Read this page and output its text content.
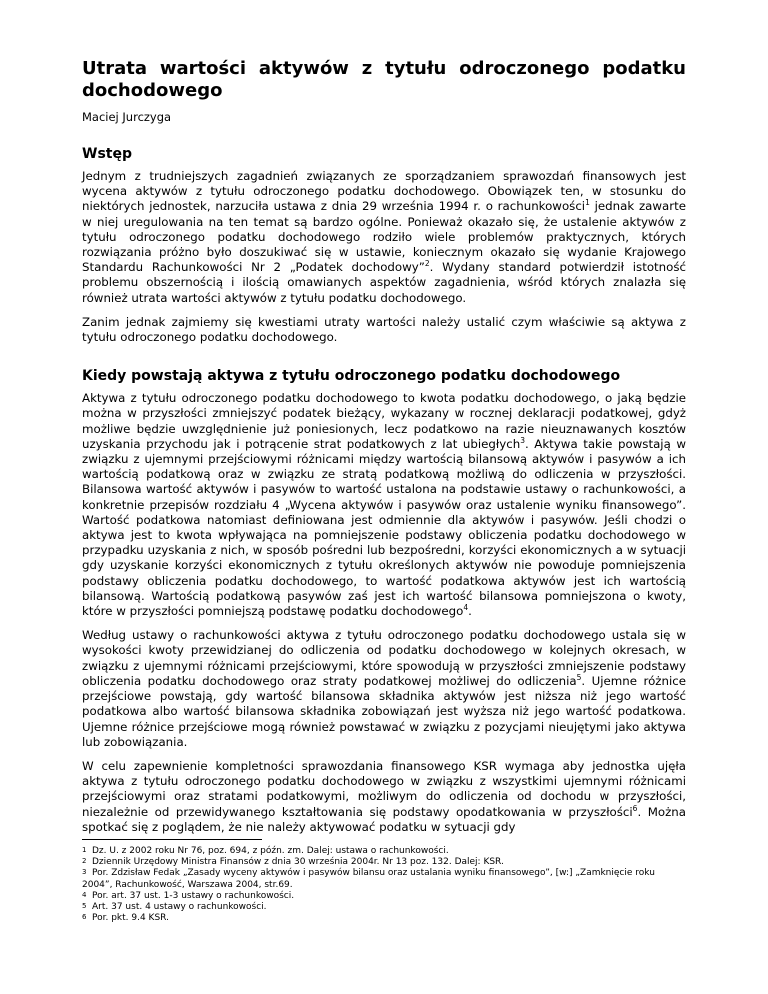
Utrata wartości aktywów z tytułu odroczonego podatku dochodowego
Maciej Jurczyga
Wstęp

Jednym z trudniejszych zagadnień związanych ze sporządzaniem sprawozdań finansowych jest wycena aktywów z tytułu odroczonego podatku dochodowego. Obowiązek ten, w stosunku do niektórych jednostek, narzuciła ustawa z dnia 29 września 1994 r. o rachunkowości$^1$ jednak zawarte w niej uregulowania na ten temat są bardzo ogólne. Ponieważ okazało się, że ustalenie aktywów z tytułu odroczonego podatku dochodowego rodziło wiele problemów praktycznych, których rozwiązania próżno było doszukiwać się w ustawie, koniecznym okazało się wydanie Krajowego Standardu Rachunkowości Nr 2 „Podatek dochodowy”$^2$. Wydany standard potwierdził istotność problemu obszernością i ilością omawianych aspektów zagadnienia, wśród których znalazła się również utrata wartości aktywów z tytułu podatku dochodowego.

Zanim jednak zajmiemy się kwestiami utraty wartości należy ustalić czym właściwie są aktywa z tytułu odroczonego podatku dochodowego.

Kiedy powstają aktywa z tytułu odroczonego podatku dochodowego

Aktywa z tytułu odroczonego podatku dochodowego to kwota podatku dochodowego, o jaką będzie można w przyszłości zmniejszyć podatek bieżący, wykazany w rocznej deklaracji podatkowej, gdyż możliwe będzie uwzględnienie już poniesionych, lecz podatkowo na razie nieuznawanych kosztów uzyskania przychodu jak i potrącenie strat podatkowych z lat ubiegłych$^3$. Aktywa takie powstają w związku z ujemnymi przejściowymi różnicami między wartością bilansową aktywów i pasywów a ich wartością podatkową oraz w związku ze stratą podatkową możliwą do odliczenia w przyszłości. Bilansowa wartość aktywów i pasywów to wartość ustalona na podstawie ustawy o rachunkowości, a konkretnie przepisów rozdziału 4 „Wycena aktywów i pasywów oraz ustalenie wyniku finansowego”. Wartość podatkowa natomiast definiowana jest odmiennie dla aktywów i pasywów. Jeśli chodzi o aktywa jest to kwota wpływająca na pomniejszenie podstawy obliczenia podatku dochodowego w przypadku uzyskania z nich, w sposób pośredni lub bezpośredni, korzyści ekonomicznych a w sytuacji gdy uzyskanie korzyści ekonomicznych z tytułu określonych aktywów nie powoduje pomniejszenia podstawy obliczenia podatku dochodowego, to wartość podatkowa aktywów jest ich wartością bilansową. Wartością podatkową pasywów zaś jest ich wartość bilansowa pomniejszona o kwoty, które w przyszłości pomniejszą podstawę podatku dochodowego$^4$.

Według ustawy o rachunkowości aktywa z tytułu odroczonego podatku dochodowego ustala się w wysokości kwoty przewidzianej do odliczenia od podatku dochodowego w kolejnych okresach, w związku z ujemnymi różnicami przejściowymi, które spowodują w przyszłości zmniejszenie podstawy obliczenia podatku dochodowego oraz straty podatkowej możliwej do odliczenia$^5$. Ujemne różnice przejściowe powstają, gdy wartość bilansowa składnika aktywów jest niższa niż jego wartość podatkowa albo wartość bilansowa składnika zobowiązań jest wyższa niż jego wartość podatkowa. Ujemne różnice przejściowe mogą również powstawać w związku z pozycjami nieujętymi jako aktywa lub zobowiązania.

W celu zapewnienie kompletności sprawozdania finansowego KSR wymaga aby jednostka ujęła aktywa z tytułu odroczonego podatku dochodowego w związku z wszystkimi ujemnymi różnicami przejściowymi oraz stratami podatkowymi, możliwym do odliczenia od dochodu w przyszłości, niezależnie od przewidywanego kształtowania się podstawy opodatkowania w przyszłości$^6$. Można spotkać się z poglądem, że nie należy aktywować podatku w sytuacji gdy

1 Dz. U. z 2002 roku Nr 76, poz. 694, z późn. zm. Dalej: ustawa o rachunkowości.
2 Dziennik Urzędowy Ministra Finansów z dnia 30 września 2004r. Nr 13 poz. 132. Dalej: KSR.
3 Por. Zdzisław Fedak „Zasady wyceny aktywów i pasywów bilansu oraz ustalania wyniku finansowego”, [w:] „Zamknięcie roku 2004”, Rachunkowość, Warszawa 2004, str.69.
4 Por. art. 37 ust. 1-3 ustawy o rachunkowości.
5 Art. 37 ust. 4 ustawy o rachunkowości.
6 Por. pkt. 9.4 KSR.
